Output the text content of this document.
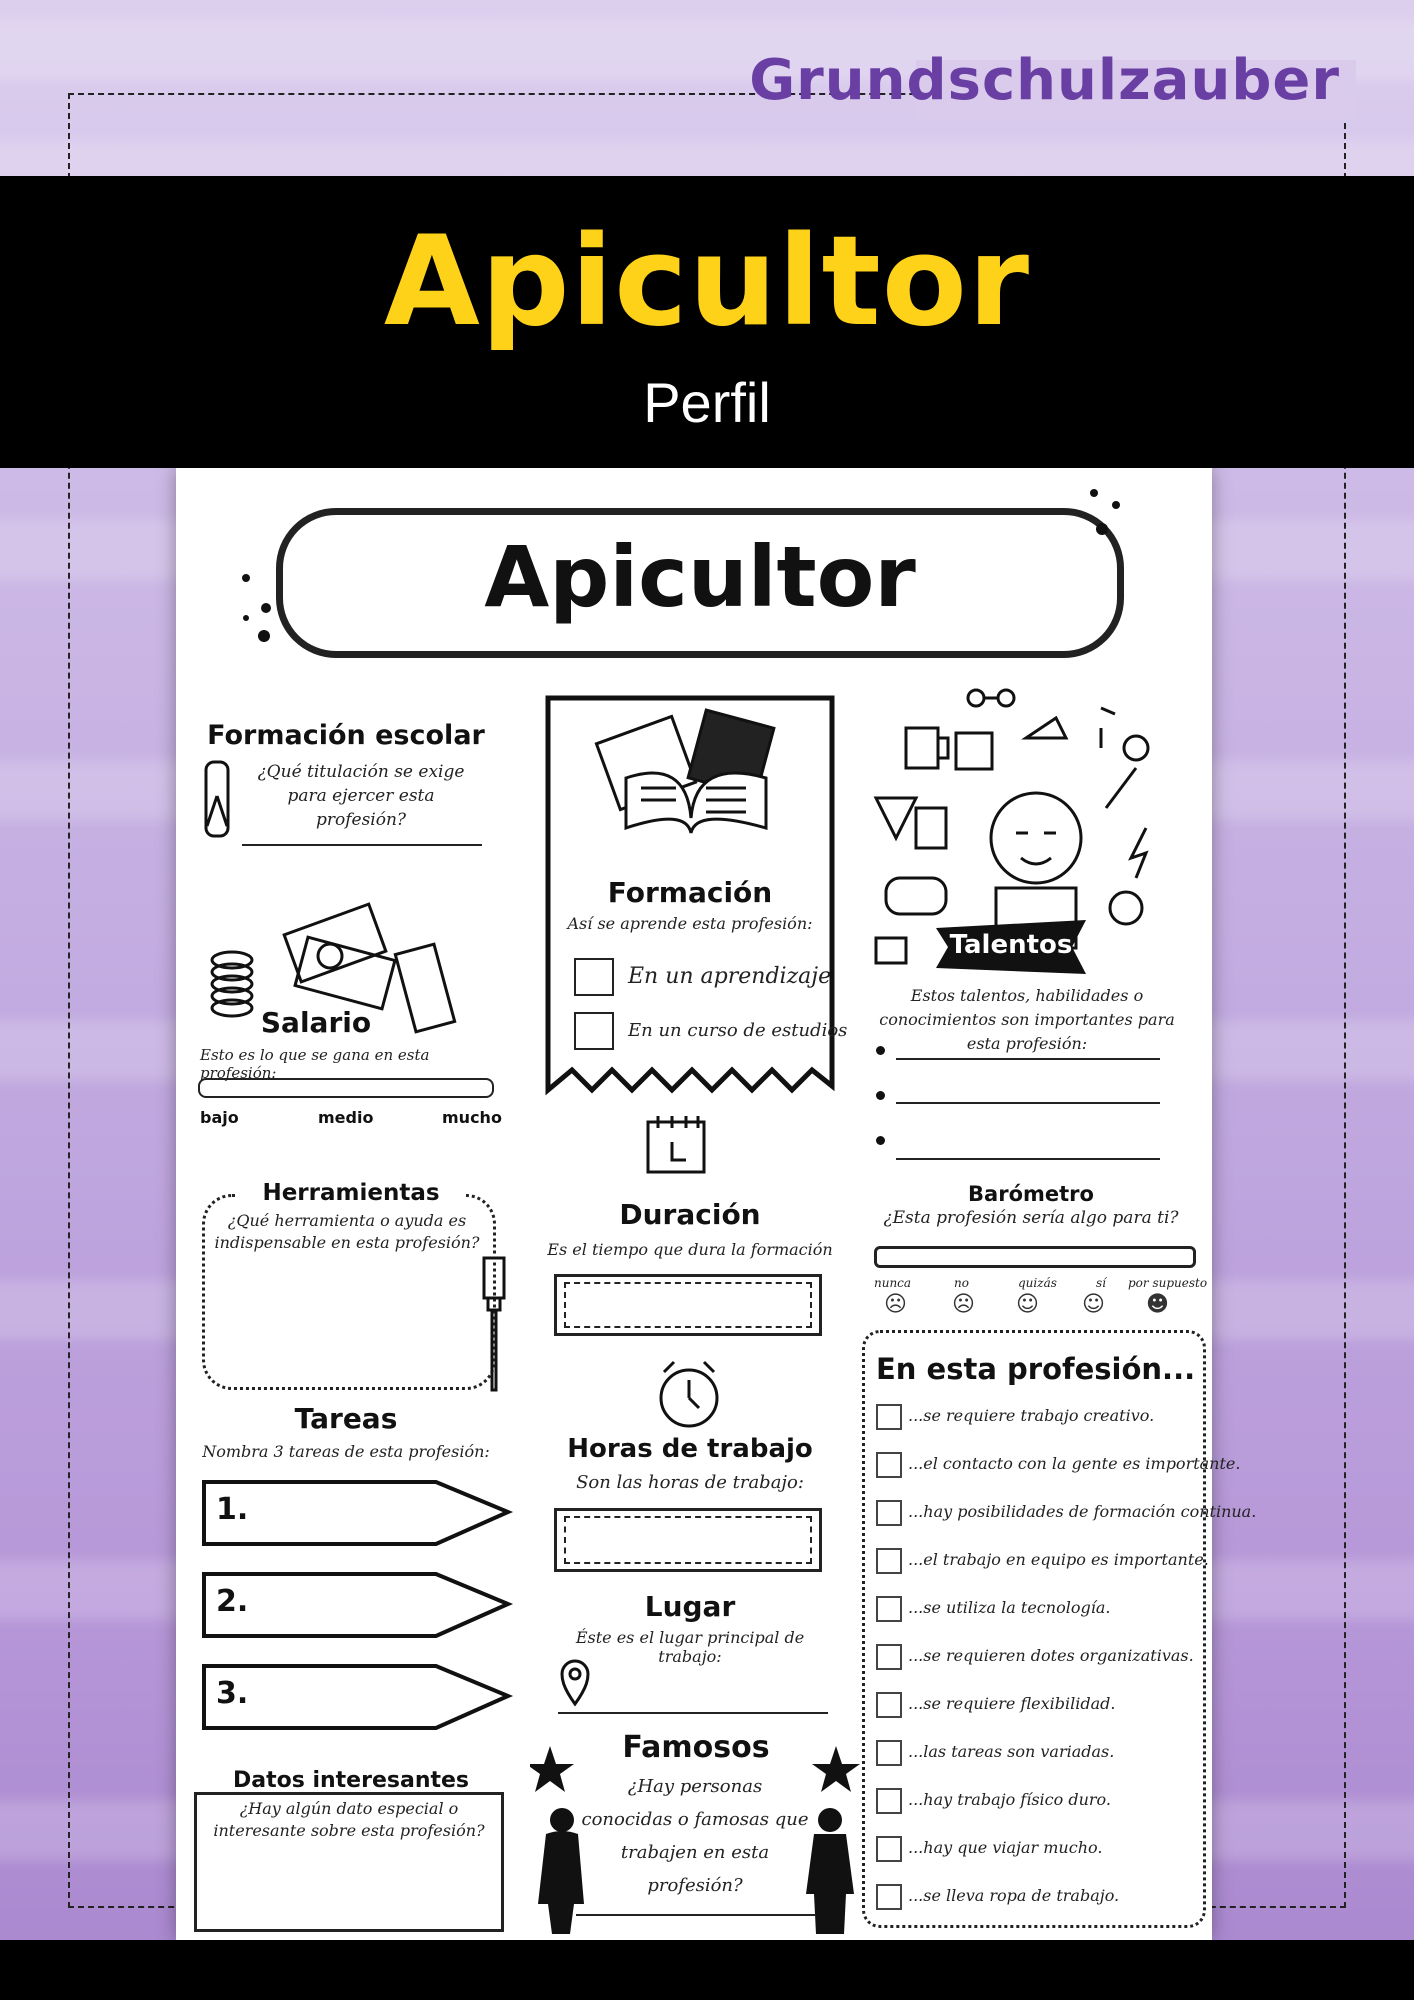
Grundschulzauber
Apicultor
Perfil
Apicultor
Formación escolar
¿Qué titulación se exige para ejercer esta profesión?
Salario
Esto es lo que se gana en esta profesión:
bajo	medio	mucho
Formación
Así se aprende esta profesión:
En un aprendizaje
En un curso de estudios
Talentos
Estos talentos, habilidades o conocimientos son importantes para esta profesión:
Herramientas
¿Qué herramienta o ayuda es indispensable en esta profesión?
Duración
Es el tiempo que dura la formación
Barómetro
¿Esta profesión sería algo para ti?
nunca	no	quizás	sí por supuesto
☹ ☹ ☺ ☺ ☻
En esta profesión...
...se requiere trabajo creativo.
...el contacto con la gente es importante.
...hay posibilidades de formación continua.
...el trabajo en equipo es importante.
...se utiliza la tecnología.
...se requieren dotes organizativas.
...se requiere flexibilidad.
...las tareas son variadas.
...hay trabajo físico duro.
...hay que viajar mucho.
...se lleva ropa de trabajo.
Tareas
Nombra 3 tareas de esta profesión:
1.
2.
3.
Horas de trabajo
Son las horas de trabajo:
Lugar
Éste es el lugar principal de trabajo:
Datos interesantes
¿Hay algún dato especial o interesante sobre esta profesión?
Famosos
¿Hay personas conocidas o famosas que trabajen en esta profesión?
